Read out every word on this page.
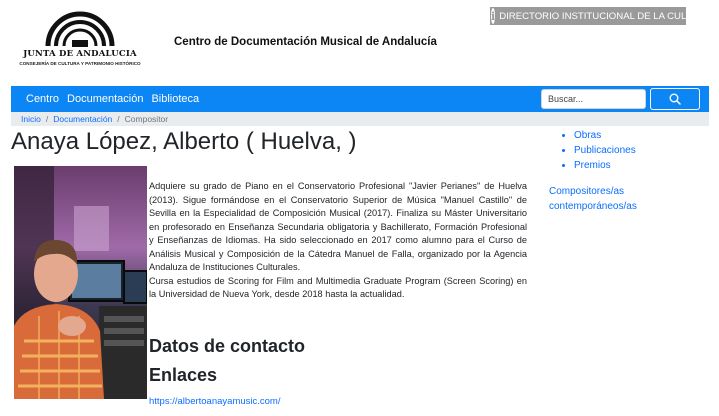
JUNTA DE ANDALUCIA
CONSEJERÍA DE CULTURA Y PATRIMONIO HISTÓRICO
Centro de Documentación Musical de Andalucía
i DIRECTORIO INSTITUCIONAL DE LA CULTURA
Centro Documentación Biblioteca
Buscar...
Inicio / Documentación / Compositor
Anaya López, Alberto ( Huelva, )

Adquiere su grado de Piano en el Conservatorio Profesional "Javier Perianes" de Huelva (2013). Sigue formándose en el Conservatorio Superior de Música "Manuel Castillo" de Sevilla en la Especialidad de Composición Musical (2017). Finaliza su Máster Universitario en profesorado en Enseñanza Secundaria obligatoria y Bachillerato, Formación Profesional y Enseñanzas de Idiomas. Ha sido seleccionado en 2017 como alumno para el Curso de Análisis Musical y Composición de la Cátedra Manuel de Falla, organizado por la Agencia Andaluza de Instituciones Culturales.

Cursa estudios de Scoring for Film and Multimedia Graduate Program (Screen Scoring) en la Universidad de Nueva York, desde 2018 hasta la actualidad.

Datos de contacto
Enlaces
https://albertoanayamusic.com/
• Obras
• Publicaciones
• Premios
Compositores/as contemporáneos/as
